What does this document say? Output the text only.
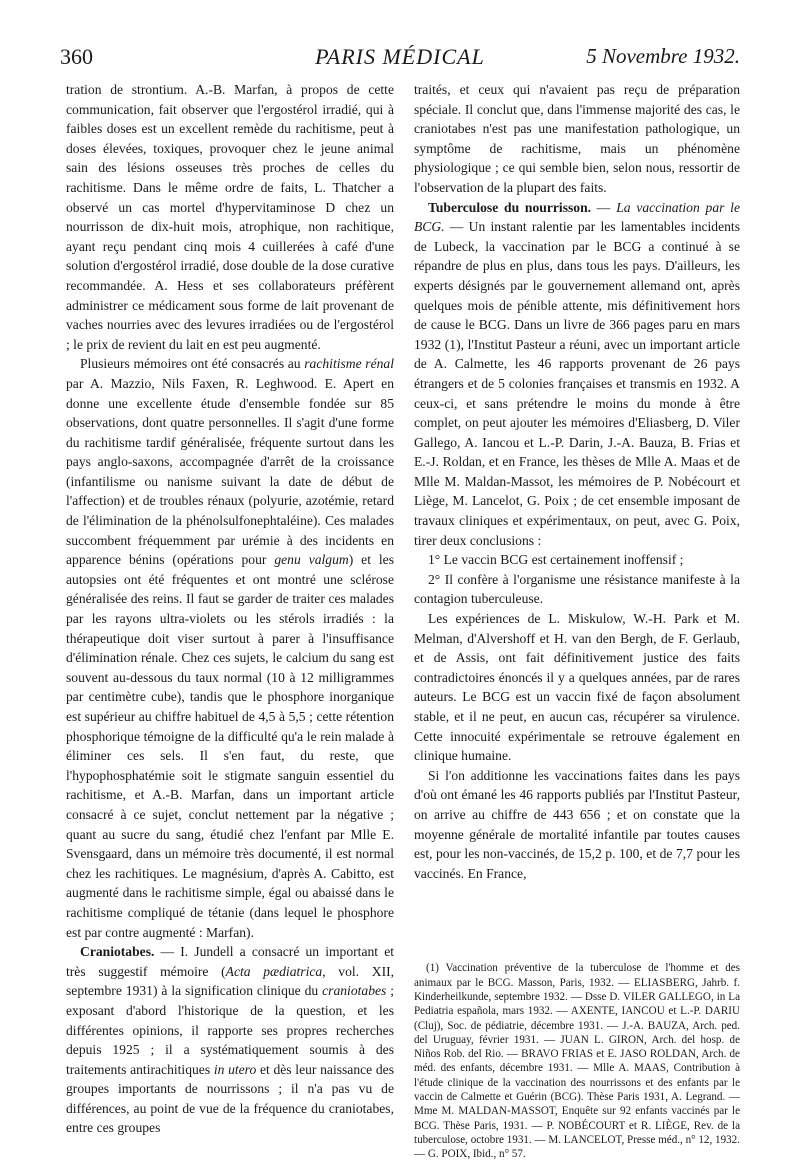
360	PARIS MÉDICAL	5 Novembre 1932.

tration de strontium. A.-B. Marfan, à propos de cette communication, fait observer que l'ergostérol irradié, qui à faibles doses est un excellent remède du rachitisme, peut à doses élevées, toxiques, provoquer chez le jeune animal sain des lésions osseuses très proches de celles du rachitisme. Dans le même ordre de faits, L. Thatcher a observé un cas mortel d'hypervitaminose D chez un nourrisson de dix-huit mois, atrophique, non rachitique, ayant reçu pendant cinq mois 4 cuillerées à café d'une solution d'ergostérol irradié, dose double de la dose curative recommandée. A. Hess et ses collaborateurs préfèrent administrer ce médicament sous forme de lait provenant de vaches nourries avec des levures irradiées ou de l'ergostérol ; le prix de revient du lait en est peu augmenté.

Plusieurs mémoires ont été consacrés au rachitisme rénal par A. Mazzio, Nils Faxen, R. Leghwood. E. Apert en donne une excellente étude d'ensemble fondée sur 85 observations, dont quatre personnelles. Il s'agit d'une forme du rachitisme tardif généralisée, fréquente surtout dans les pays anglo-saxons, accompagnée d'arrêt de la croissance (infantilisme ou nanisme suivant la date de début de l'affection) et de troubles rénaux (polyurie, azotémie, retard de l'élimination de la phénolsulfonephtaléine). Ces malades succombent fréquemment par urémie à des incidents en apparence bénins (opérations pour genu valgum) et les autopsies ont été fréquentes et ont montré une sclérose généralisée des reins. Il faut se garder de traiter ces malades par les rayons ultra-violets ou les stérols irradiés : la thérapeutique doit viser surtout à parer à l'insuffisance d'élimination rénale. Chez ces sujets, le calcium du sang est souvent au-dessous du taux normal (10 à 12 milligrammes par centimètre cube), tandis que le phosphore inorganique est supérieur au chiffre habituel de 4,5 à 5,5 ; cette rétention phosphorique témoigne de la difficulté qu'a le rein malade à éliminer ces sels. Il s'en faut, du reste, que l'hypophosphatémie soit le stigmate sanguin essentiel du rachitisme, et A.-B. Marfan, dans un important article consacré à ce sujet, conclut nettement par la négative ; quant au sucre du sang, étudié chez l'enfant par Mlle E. Svensgaard, dans un mémoire très documenté, il est normal chez les rachitiques. Le magnésium, d'après A. Cabitto, est augmenté dans le rachitisme simple, égal ou abaissé dans le rachitisme compliqué de tétanie (dans lequel le phosphore est par contre augmenté : Marfan).

Craniotabes. — I. Jundell a consacré un important et très suggestif mémoire (Acta pædiatrica, vol. XII, septembre 1931) à la signification clinique du craniotabes ; exposant d'abord l'historique de la question, et les différentes opinions, il rapporte ses propres recherches depuis 1925 ; il a systématiquement soumis à des traitements antirachitiques in utero et dès leur naissance des groupes importants de nourrissons ; il n'a pas vu de différences, au point de vue de la fréquence du craniotabes, entre ces groupes

traités, et ceux qui n'avaient pas reçu de préparation spéciale. Il conclut que, dans l'immense majorité des cas, le craniotabes n'est pas une manifestation pathologique, un symptôme de rachitisme, mais un phénomène physiologique ; ce qui semble bien, selon nous, ressortir de l'observation de la plupart des faits.

Tuberculose du nourrisson. — La vaccination par le BCG. — Un instant ralentie par les lamentables incidents de Lubeck, la vaccination par le BCG a continué à se répandre de plus en plus, dans tous les pays. D'ailleurs, les experts désignés par le gouvernement allemand ont, après quelques mois de pénible attente, mis définitivement hors de cause le BCG. Dans un livre de 366 pages paru en mars 1932 (1), l'Institut Pasteur a réuni, avec un important article de A. Calmette, les 46 rapports provenant de 26 pays étrangers et de 5 colonies françaises et transmis en 1932. A ceux-ci, et sans prétendre le moins du monde à être complet, on peut ajouter les mémoires d'Eliasberg, D. Viler Gallego, A. Iancou et L.-P. Darin, J.-A. Bauza, B. Frias et E.-J. Roldan, et en France, les thèses de Mlle A. Maas et de Mlle M. Maldan-Massot, les mémoires de P. Nobécourt et Liège, M. Lancelot, G. Poix ; de cet ensemble imposant de travaux cliniques et expérimentaux, on peut, avec G. Poix, tirer deux conclusions :

1° Le vaccin BCG est certainement inoffensif ;

2° Il confère à l'organisme une résistance manifeste à la contagion tuberculeuse.

Les expériences de L. Miskulow, W.-H. Park et M. Melman, d'Alvershoff et H. van den Bergh, de F. Gerlaub, et de Assis, ont fait définitivement justice des faits contradictoires énoncés il y a quelques années, par de rares auteurs. Le BCG est un vaccin fixé de façon absolument stable, et il ne peut, en aucun cas, récupérer sa virulence. Cette innocuité expérimentale se retrouve également en clinique humaine.

Si l'on additionne les vaccinations faites dans les pays d'où ont émané les 46 rapports publiés par l'Institut Pasteur, on arrive au chiffre de 443 656 ; et on constate que la moyenne générale de mortalité infantile par toutes causes est, pour les non-vaccinés, de 15,2 p. 100, et de 7,7 pour les vaccinés. En France,

(1) Vaccination préventive de la tuberculose de l'homme et des animaux par le BCG. Masson, Paris, 1932. — ELIASBERG, Jahrb. f. Kinderheilkunde, septembre 1932. — Dsse D. VILER GALLEGO, in La Pediatria española, mars 1932. — AXENTE, IANCOU et L.-P. DARIU (Cluj), Soc. de pédiatrie, décembre 1931. — J.-A. BAUZA, Arch. ped. del Uruguay, février 1931. — JUAN L. GIRON, Arch. del hosp. de Niños Rob. del Rio. — BRAVO FRIAS et E. JASO ROLDAN, Arch. de méd. des enfants, décembre 1931. — Mlle A. MAAS, Contribution à l'étude clinique de la vaccination des nourrissons et des enfants par le vaccin de Calmette et Guérin (BCG). Thèse Paris 1931, A. Legrand. — Mme M. MALDAN-MASSOT, Enquête sur 92 enfants vaccinés par le BCG. Thèse Paris, 1931. — P. NOBÉCOURT et R. LIÈGE, Rev. de la tuberculose, octobre 1931. — M. LANCELOT, Presse méd., n° 12, 1932. — G. POIX, Ibid., n° 57.
